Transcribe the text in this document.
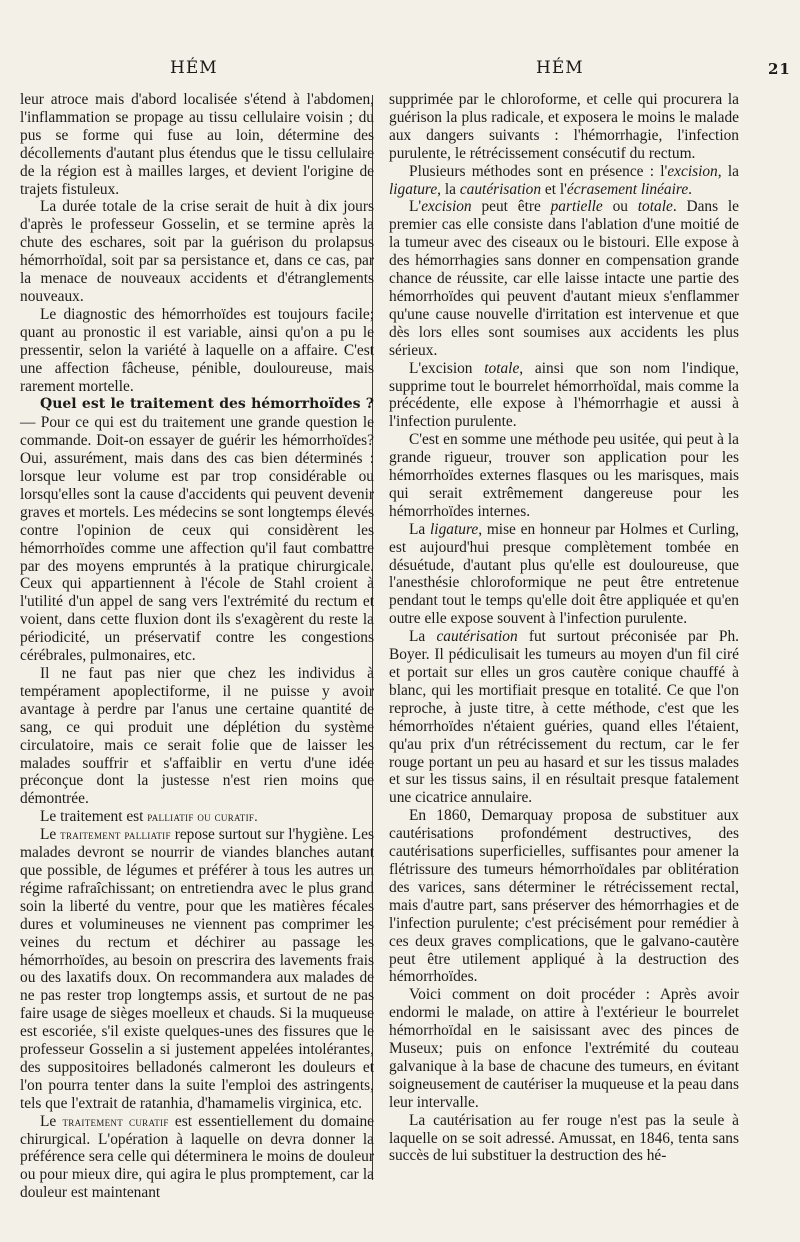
HÉM	HÉM	21

leur atroce mais d'abord localisée s'étend à l'abdomen, l'inflammation se propage au tissu cellulaire voisin ; du pus se forme qui fuse au loin, détermine des décollements d'autant plus étendus que le tissu cellulaire de la région est à mailles larges, et devient l'origine de trajets fistuleux.

La durée totale de la crise serait de huit à dix jours d'après le professeur Gosselin, et se termine après la chute des eschares, soit par la guérison du prolapsus hémorrhoïdal, soit par sa persistance et, dans ce cas, par la menace de nouveaux accidents et d'étranglements nouveaux.

Le diagnostic des hémorrhoïdes est toujours facile; quant au pronostic il est variable, ainsi qu'on a pu le pressentir, selon la variété à laquelle on a affaire. C'est une affection fâcheuse, pénible, douloureuse, mais rarement mortelle.

Quel est le traitement des hémorrhoïdes ? — Pour ce qui est du traitement une grande question le commande. Doit-on essayer de guérir les hémorrhoïdes? Oui, assurément, mais dans des cas bien déterminés : lorsque leur volume est par trop considérable ou lorsqu'elles sont la cause d'accidents qui peuvent devenir graves et mortels. Les médecins se sont longtemps élevés contre l'opinion de ceux qui considèrent les hémorrhoïdes comme une affection qu'il faut combattre par des moyens empruntés à la pratique chirurgicale. Ceux qui appartiennent à l'école de Stahl croient à l'utilité d'un appel de sang vers l'extrémité du rectum et voient, dans cette fluxion dont ils s'exagèrent du reste la périodicité, un préservatif contre les congestions cérébrales, pulmonaires, etc.

Il ne faut pas nier que chez les individus à tempérament apoplectiforme, il ne puisse y avoir avantage à perdre par l'anus une certaine quantité de sang, ce qui produit une déplétion du système circulatoire, mais ce serait folie que de laisser les malades souffrir et s'affaiblir en vertu d'une idée préconçue dont la justesse n'est rien moins que démontrée.

Le traitement est palliatif ou curatif.

Le traitement palliatif repose surtout sur l'hygiène. Les malades devront se nourrir de viandes blanches autant que possible, de légumes et préférer à tous les autres un régime rafraîchissant; on entretiendra avec le plus grand soin la liberté du ventre, pour que les matières fécales dures et volumineuses ne viennent pas comprimer les veines du rectum et déchirer au passage les hémorrhoïdes, au besoin on prescrira des lavements frais ou des laxatifs doux. On recommandera aux malades de ne pas rester trop longtemps assis, et surtout de ne pas faire usage de sièges moelleux et chauds. Si la muqueuse est escoriée, s'il existe quelques-unes des fissures que le professeur Gosselin a si justement appelées intolérantes, des suppositoires belladonés calmeront les douleurs et l'on pourra tenter dans la suite l'emploi des astringents, tels que l'extrait de ratanhia, d'hamamelis virginica, etc.

Le traitement curatif est essentiellement du domaine chirurgical. L'opération à laquelle on devra donner la préférence sera celle qui déterminera le moins de douleur ou pour mieux dire, qui agira le plus promptement, car la douleur est maintenant

supprimée par le chloroforme, et celle qui procurera la guérison la plus radicale, et exposera le moins le malade aux dangers suivants : l'hémorrhagie, l'infection purulente, le rétrécissement consécutif du rectum.

Plusieurs méthodes sont en présence : l'excision, la ligature, la cautérisation et l'écrasement linéaire.

L'excision peut être partielle ou totale. Dans le premier cas elle consiste dans l'ablation d'une moitié de la tumeur avec des ciseaux ou le bistouri. Elle expose à des hémorrhagies sans donner en compensation grande chance de réussite, car elle laisse intacte une partie des hémorrhoïdes qui peuvent d'autant mieux s'enflammer qu'une cause nouvelle d'irritation est intervenue et que dès lors elles sont soumises aux accidents les plus sérieux.

L'excision totale, ainsi que son nom l'indique, supprime tout le bourrelet hémorrhoïdal, mais comme la précédente, elle expose à l'hémorrhagie et aussi à l'infection purulente.

C'est en somme une méthode peu usitée, qui peut à la grande rigueur, trouver son application pour les hémorrhoïdes externes flasques ou les marisques, mais qui serait extrêmement dangereuse pour les hémorrhoïdes internes.

La ligature, mise en honneur par Holmes et Curling, est aujourd'hui presque complètement tombée en désuétude, d'autant plus qu'elle est douloureuse, que l'anesthésie chloroformique ne peut être entretenue pendant tout le temps qu'elle doit être appliquée et qu'en outre elle expose souvent à l'infection purulente.

La cautérisation fut surtout préconisée par Ph. Boyer. Il pédiculisait les tumeurs au moyen d'un fil ciré et portait sur elles un gros cautère conique chauffé à blanc, qui les mortifiait presque en totalité. Ce que l'on reproche, à juste titre, à cette méthode, c'est que les hémorrhoïdes n'étaient guéries, quand elles l'étaient, qu'au prix d'un rétrécissement du rectum, car le fer rouge portant un peu au hasard et sur les tissus malades et sur les tissus sains, il en résultait presque fatalement une cicatrice annulaire.

En 1860, Demarquay proposa de substituer aux cautérisations profondément destructives, des cautérisations superficielles, suffisantes pour amener la flétrissure des tumeurs hémorrhoïdales par oblitération des varices, sans déterminer le rétrécissement rectal, mais d'autre part, sans préserver des hémorrhagies et de l'infection purulente; c'est précisément pour remédier à ces deux graves complications, que le galvano-cautère peut être utilement appliqué à la destruction des hémorrhoïdes.

Voici comment on doit procéder : Après avoir endormi le malade, on attire à l'extérieur le bourrelet hémorrhoïdal en le saisissant avec des pinces de Museux; puis on enfonce l'extrémité du couteau galvanique à la base de chacune des tumeurs, en évitant soigneusement de cautériser la muqueuse et la peau dans leur intervalle.

La cautérisation au fer rouge n'est pas la seule à laquelle on se soit adressé. Amussat, en 1846, tenta sans succès de lui substituer la destruction des hé-
